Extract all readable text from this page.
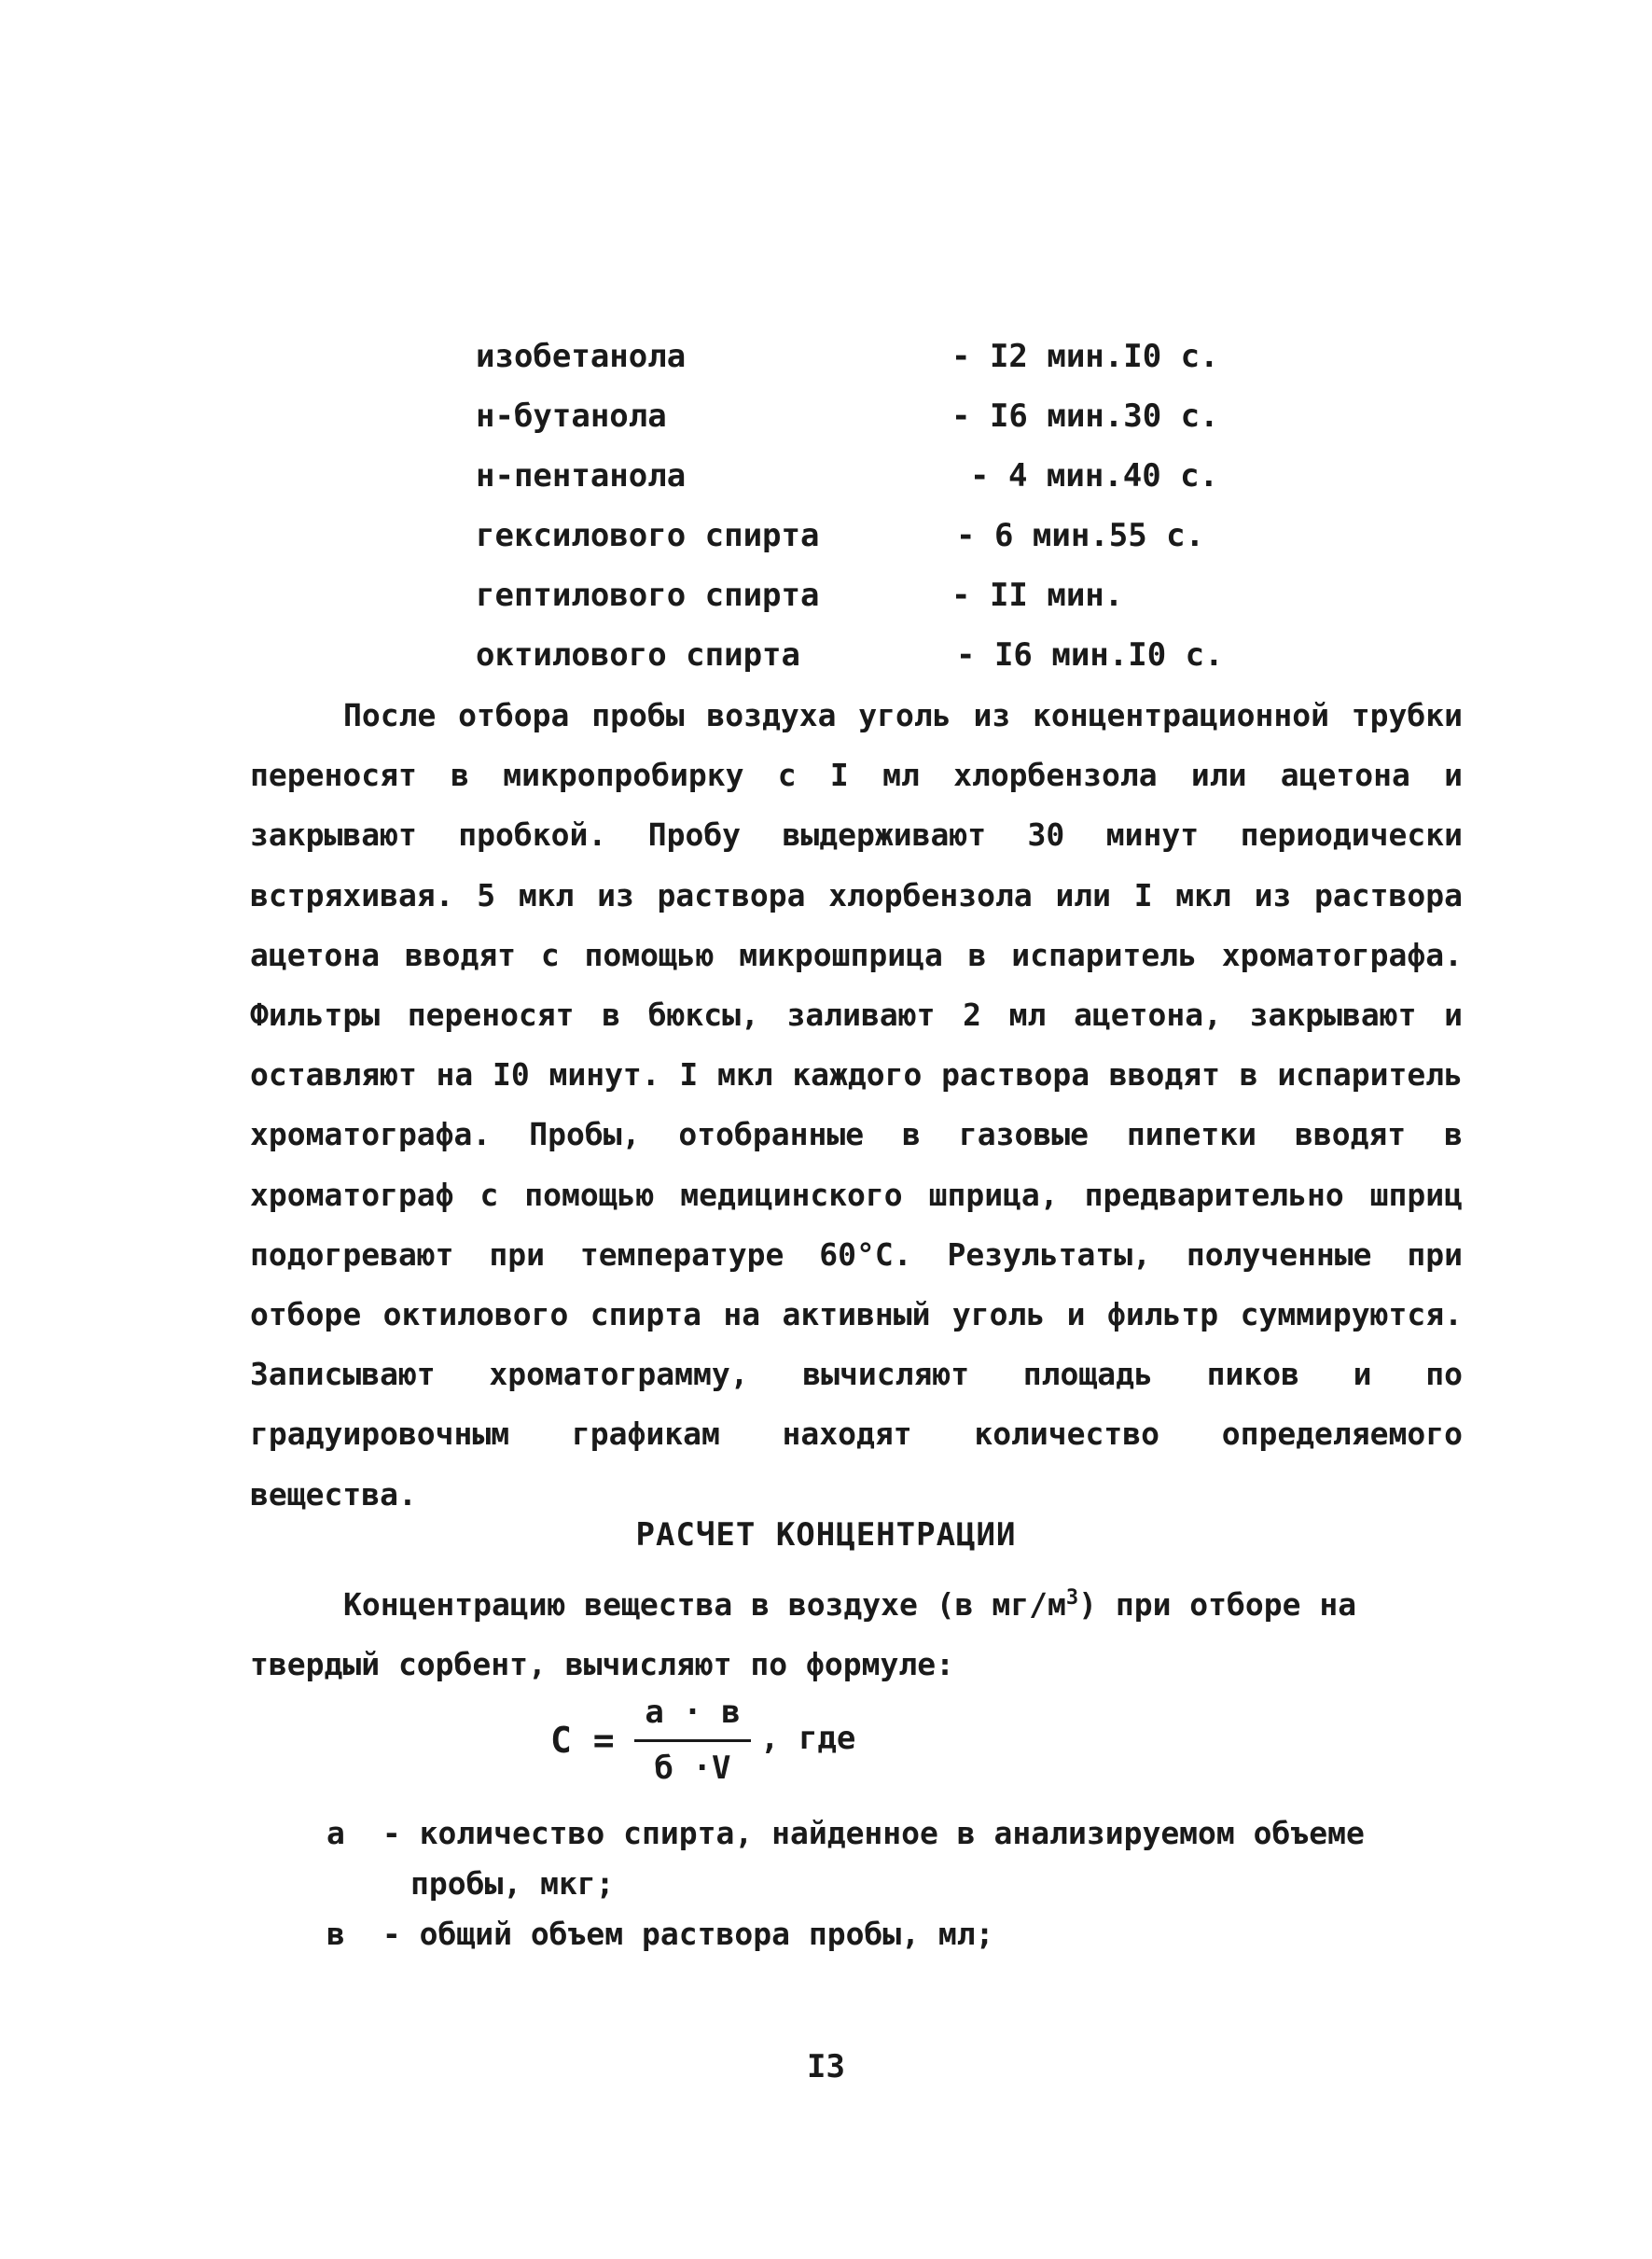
изобетанола	- I2 мин.I0 с.
н-бутанола	- I6 мин.30 с.
н-пентанола	- 4 мин.40 с.
гексилового спирта	- 6 мин.55 с.
гептилового спирта	- II мин.
октилового спирта	- I6 мин.I0 с.

После отбора пробы воздуха уголь из концентрационной трубки переносят в микропробирку с I мл хлорбензола или ацетона и закрывают пробкой. Пробу выдерживают 30 минут периодически встряхивая. 5 мкл из раствора хлорбензола или I мкл из раствора ацетона вводят с помощью микрошприца в испаритель хроматографа. Фильтры переносят в бюксы, заливают 2 мл ацетона, закрывают и оставляют на I0 минут. I мкл каждого раствора вводят в испаритель хроматографа. Пробы, отобранные в газовые пипетки вводят в хроматограф с помощью медицинского шприца, предварительно шприц подогревают при температуре 60°С. Результаты, полученные при отборе октилового спирта на активный уголь и фильтр суммируются. Записывают хроматограмму, вычисляют площадь пиков и по градуировочным графикам находят количество определяемого вещества.

РАСЧЕТ КОНЦЕНТРАЦИИ

Концентрацию вещества в воздухе (в $мг/м^3$) при отборе на твердый сорбент, вычисляют по формуле:

С =
а · в
б ·V
, где
а - количество спирта, найденное в анализируемом объеме
пробы, мкг;
в - общий объем раствора пробы, мл;
I3
